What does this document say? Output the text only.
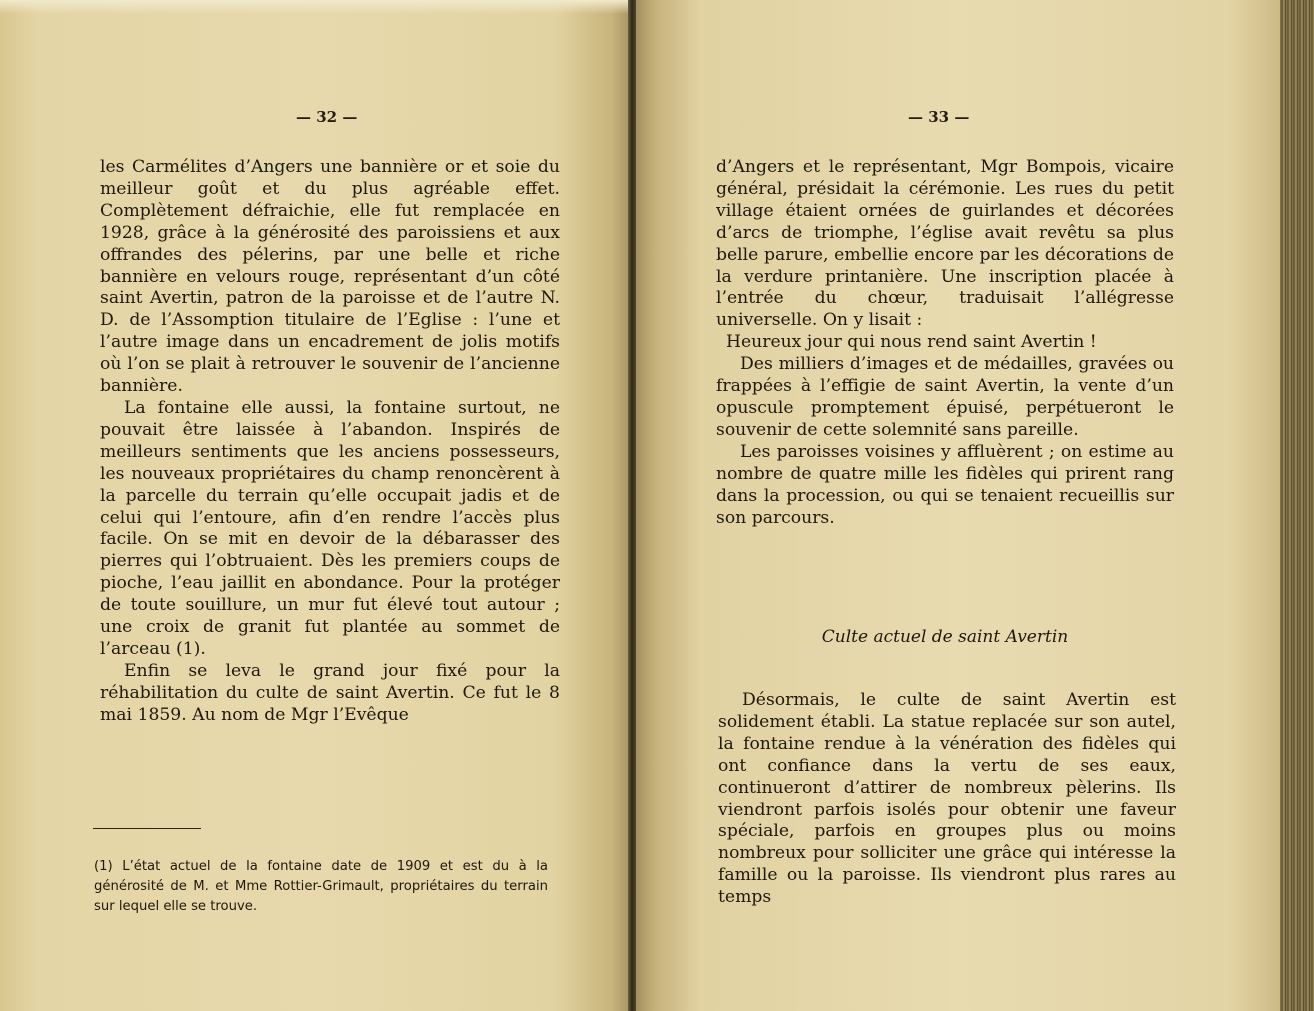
— 32 —

les Carmélites d’Angers une bannière or et soie du meilleur goût et du plus agréable effet. Complètement défraichie, elle fut remplacée en 1928, grâce à la générosité des paroissiens et aux offrandes des pélerins, par une belle et riche bannière en velours rouge, représentant d’un côté saint Avertin, patron de la paroisse et de l’autre N. D. de l’Assomption titulaire de l’Eglise : l’une et l’autre image dans un encadrement de jolis motifs où l’on se plait à retrouver le souvenir de l’ancienne bannière.

La fontaine elle aussi, la fontaine surtout, ne pouvait être laissée à l’abandon. Inspirés de meilleurs sentiments que les anciens possesseurs, les nouveaux propriétaires du champ renoncèrent à la parcelle du terrain qu’elle occupait jadis et de celui qui l’entoure, afin d’en rendre l’accès plus facile. On se mit en devoir de la débarasser des pierres qui l’obtruaient. Dès les premiers coups de pioche, l’eau jaillit en abondance. Pour la protéger de toute souillure, un mur fut élevé tout autour ; une croix de granit fut plantée au sommet de l’arceau (1).

Enfin se leva le grand jour fixé pour la réhabilitation du culte de saint Avertin. Ce fut le 8 mai 1859. Au nom de Mgr l’Evêque

(1) L’état actuel de la fontaine date de 1909 et est du à la générosité de M. et Mme Rottier-Grimault, propriétaires du terrain sur lequel elle se trouve.
— 33 —

d’Angers et le représentant, Mgr Bompois, vicaire général, présidait la cérémonie. Les rues du petit village étaient ornées de guirlandes et décorées d’arcs de triomphe, l’église avait revêtu sa plus belle parure, embellie encore par les décorations de la verdure printanière. Une inscription placée à l’entrée du chœur, traduisait l’allégresse universelle. On y lisait :

Heureux jour qui nous rend saint Avertin !

Des milliers d’images et de médailles, gravées ou frappées à l’effigie de saint Avertin, la vente d’un opuscule promptement épuisé, perpétueront le souvenir de cette solemnité sans pareille.

Les paroisses voisines y affluèrent ; on estime au nombre de quatre mille les fidèles qui prirent rang dans la procession, ou qui se tenaient recueillis sur son parcours.

Culte actuel de saint Avertin

Désormais, le culte de saint Avertin est solidement établi. La statue replacée sur son autel, la fontaine rendue à la vénération des fidèles qui ont confiance dans la vertu de ses eaux, continueront d’attirer de nombreux pèlerins. Ils viendront parfois isolés pour obtenir une faveur spéciale, parfois en groupes plus ou moins nombreux pour solliciter une grâce qui intéresse la famille ou la paroisse. Ils viendront plus rares au temps
